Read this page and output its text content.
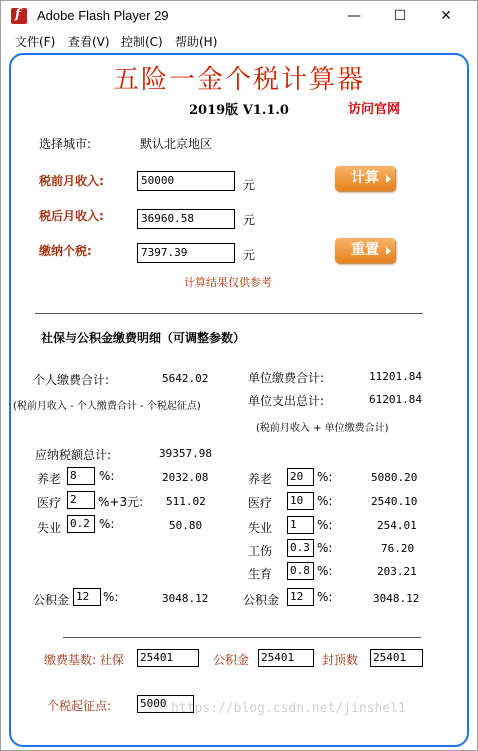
f Adobe Flash Player 29	—	☐	✕
文件(F) 查看(V) 控制(C) 帮助(H)
五险一金个税计算器
2019版 V1.1.0	访问官网
选择城市:	默认北京地区
税前月收入:	50000	元
税后月收入:	36960.58	元
缴纳个税:	7397.39	元
计算
重置
计算结果仅供参考
社保与公积金缴费明细（可调整参数）
个人缴费合计:	5642.02
(税前月收入 - 个人缴费合计 - 个税起征点)
单位缴费合计:	11201.84
单位支出总计:	61201.84
(税前月收入 + 单位缴费合计)
应纳税额总计:	39357.98
养老 8	%:	2032.08
医疗 2	%+3元: 511.02
失业 0.2 %:	50.80
公积金 12	%:	3048.12
养老 20	%:	5080.20
医疗 10	%:	2540.10
失业 1	%:	254.01
工伤 0.3 %:	76.20
生育 0.8 %:	203.21
公积金 12	%:	3048.12
缴费基数: 社保 25401	公积金 25401	封顶数 25401
个税起征点:	5000 https://blog.csdn.net/jinshel1
